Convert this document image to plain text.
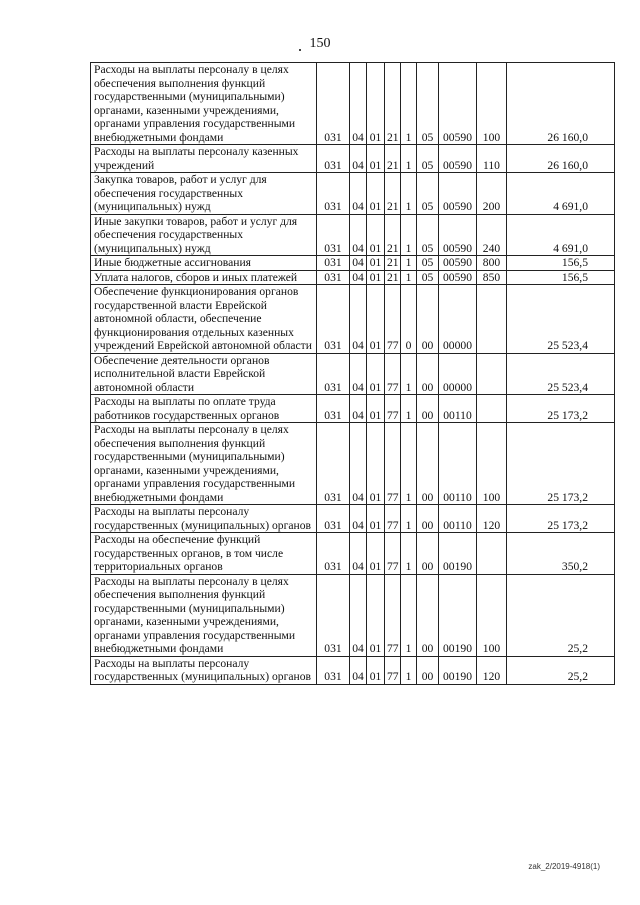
150
Расходы на выплаты персоналу в целях обеспечения выполнения функций государственными (муниципальными) органами, казенными учреждениями, органами управления государственными внебюджетными фондами	031	04	01	21	1	05	00590	100	26 160,0
Расходы на выплаты персоналу казенных учреждений	031	04	01	21	1	05	00590	110	26 160,0
Закупка товаров, работ и услуг для обеспечения государственных (муниципальных) нужд	031	04	01	21	1	05	00590	200	4 691,0
Иные закупки товаров, работ и услуг для обеспечения государственных (муниципальных) нужд	031	04	01	21	1	05	00590	240	4 691,0
Иные бюджетные ассигнования	031	04	01	21	1	05	00590	800	156,5
Уплата налогов, сборов и иных платежей	031	04	01	21	1	05	00590	850	156,5
Обеспечение функционирования органов государственной власти Еврейской автономной области, обеспечение функционирования отдельных казенных учреждений Еврейской автономной области	031	04	01	77	0	00	00000		25 523,4
Обеспечение деятельности органов исполнительной власти Еврейской автономной области	031	04	01	77	1	00	00000		25 523,4
Расходы на выплаты по оплате труда работников государственных органов	031	04	01	77	1	00	00110		25 173,2
Расходы на выплаты персоналу в целях обеспечения выполнения функций государственными (муниципальными) органами, казенными учреждениями, органами управления государственными внебюджетными фондами	031	04	01	77	1	00	00110	100	25 173,2
Расходы на выплаты персоналу государственных (муниципальных) органов	031	04	01	77	1	00	00110	120	25 173,2
Расходы на обеспечение функций государственных органов, в том числе территориальных органов	031	04	01	77	1	00	00190		350,2
Расходы на выплаты персоналу в целях обеспечения выполнения функций государственными (муниципальными) органами, казенными учреждениями, органами управления государственными внебюджетными фондами	031	04	01	77	1	00	00190	100	25,2
Расходы на выплаты персоналу государственных (муниципальных) органов	031	04	01	77	1	00	00190	120	25,2
zak_2/2019-4918(1)
